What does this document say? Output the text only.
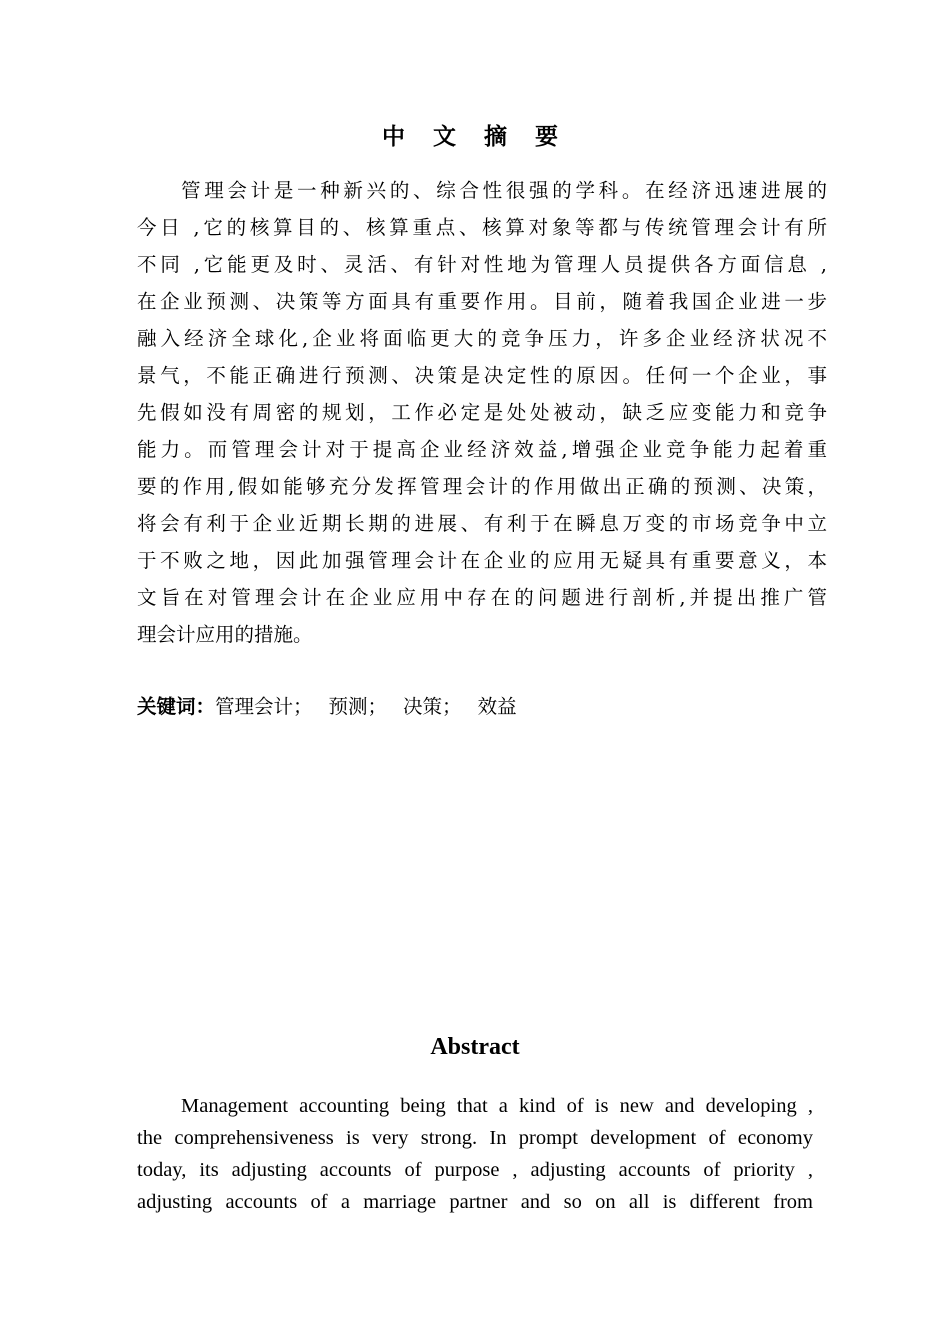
中 文 摘 要
管理会计是一种新兴的、综合性很强的学科。在经济迅速进展的
今日 ,它的核算目的、核算重点、核算对象等都与传统管理会计有所
不同 ,它能更及时、灵活、有针对性地为管理人员提供各方面信息 ,
在企业预测、决策等方面具有重要作用。目前，随着我国企业进一步
融入经济全球化,企业将面临更大的竞争压力，许多企业经济状况不
景气，不能正确进行预测、决策是决定性的原因。任何一个企业，事
先假如没有周密的规划，工作必定是处处被动，缺乏应变能力和竞争
能力。而管理会计对于提高企业经济效益,增强企业竞争能力起着重
要的作用,假如能够充分发挥管理会计的作用做出正确的预测、决策，
将会有利于企业近期长期的进展、有利于在瞬息万变的市场竞争中立
于不败之地，因此加强管理会计在企业的应用无疑具有重要意义，本
文旨在对管理会计在企业应用中存在的问题进行剖析,并提出推广管
理会计应用的措施。
关键词：管理会计； 预测； 决策； 效益
Abstract
Management accounting being that a kind of is new and developing ,
the comprehensiveness is very strong. In prompt development of economy
today, its adjusting accounts of purpose , adjusting accounts of priority ,
adjusting accounts of a marriage partner and so on all is different from
